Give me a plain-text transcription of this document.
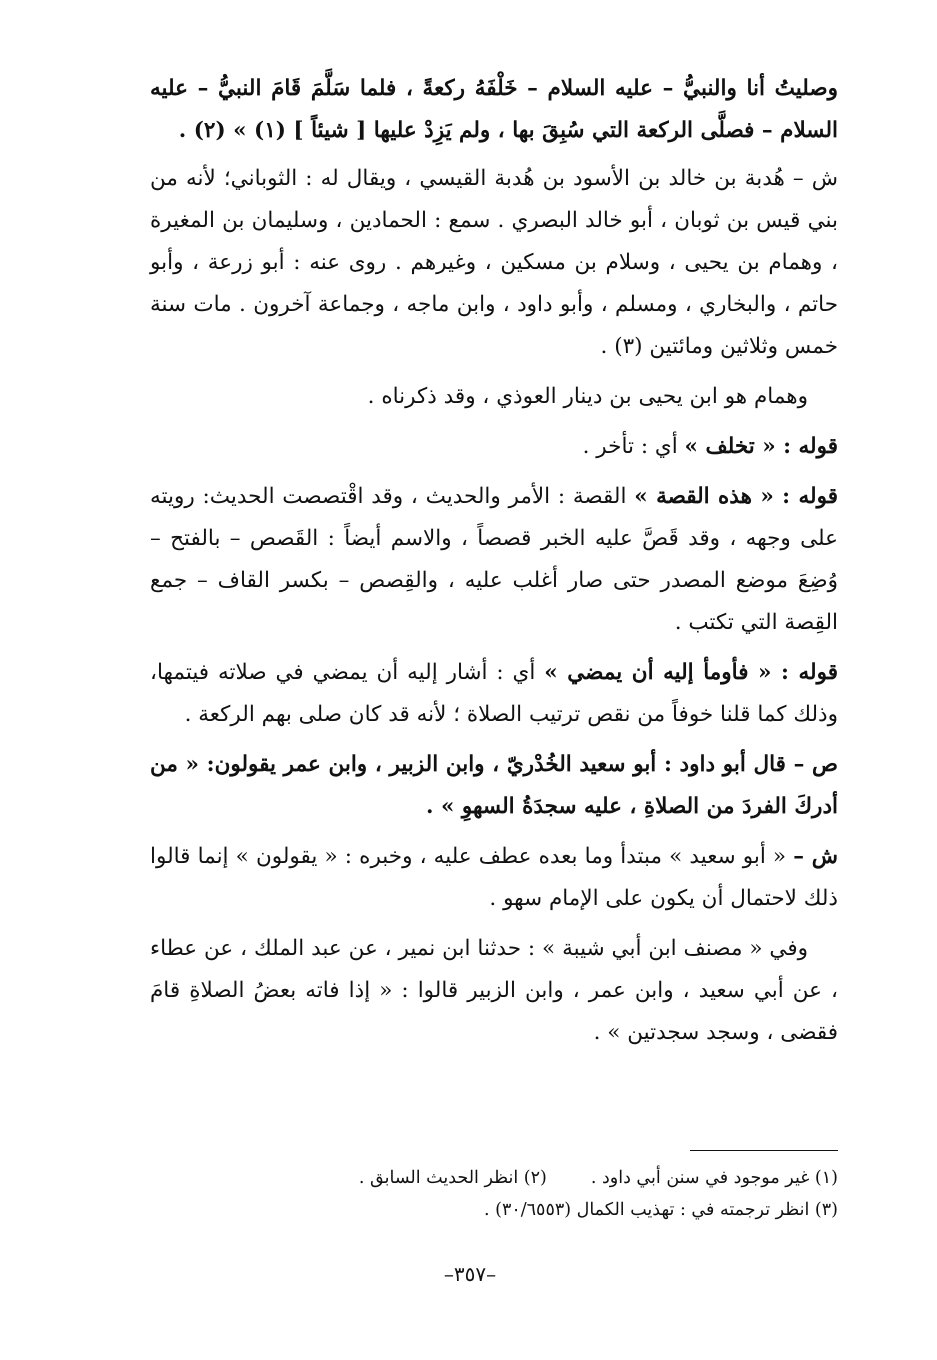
وصليتُ أنا والنبيُّ – عليه السلام – خَلْفَهُ ركعةً ، فلما سَلَّمَ قَامَ النبيُّ – عليه السلام – فصلَّى الركعة التي سُبِقَ بها ، ولم يَزِدْ عليها [ شيئاً ] (١) » (٢) .

ش – هُدبة بن خالد بن الأسود بن هُدبة القيسي ، ويقال له : الثوباني؛ لأنه من بني قيس بن ثوبان ، أبو خالد البصري . سمع : الحمادين ، وسليمان بن المغيرة ، وهمام بن يحيى ، وسلام بن مسكين ، وغيرهم . روى عنه : أبو زرعة ، وأبو حاتم ، والبخاري ، ومسلم ، وأبو داود ، وابن ماجه ، وجماعة آخرون . مات سنة خمس وثلاثين ومائتين (٣) .

وهمام هو ابن يحيى بن دينار العوذي ، وقد ذكرناه .

قوله : « تخلف » أي : تأخر .

قوله : « هذه القصة » القصة : الأمر والحديث ، وقد اقْتصصت الحديث: رويته على وجهه ، وقد قَصَّ عليه الخبر قصصاً ، والاسم أيضاً : القَصص – بالفتح – وُضِعَ موضع المصدر حتى صار أغلب عليه ، والقِصص – بكسر القاف – جمع القِصة التي تكتب .

قوله : « فأومأ إليه أن يمضي » أي : أشار إليه أن يمضي في صلاته فيتمها، وذلك كما قلنا خوفاً من نقص ترتيب الصلاة ؛ لأنه قد كان صلى بهم الركعة .

ص – قال أبو داود : أبو سعيد الخُدْريّ ، وابن الزبير ، وابن عمر يقولون: « من أدركَ الفردَ من الصلاةِ ، عليه سجدَةُ السهوِ » .

ش – « أبو سعيد » مبتدأ وما بعده عطف عليه ، وخبره : « يقولون » إنما قالوا ذلك لاحتمال أن يكون على الإمام سهو .

وفي « مصنف ابن أبي شيبة » : حدثنا ابن نمير ، عن عبد الملك ، عن عطاء ، عن أبي سعيد ، وابن عمر ، وابن الزبير قالوا : « إذا فاته بعضُ الصلاةِ قامَ فقضى ، وسجد سجدتين » .

(١) غير موجود في سنن أبي داود .(٢) انظر الحديث السابق .
(٣) انظر ترجمته في : تهذيب الكمال (٣٠/٦٥٥٣) .
–٣٥٧–
